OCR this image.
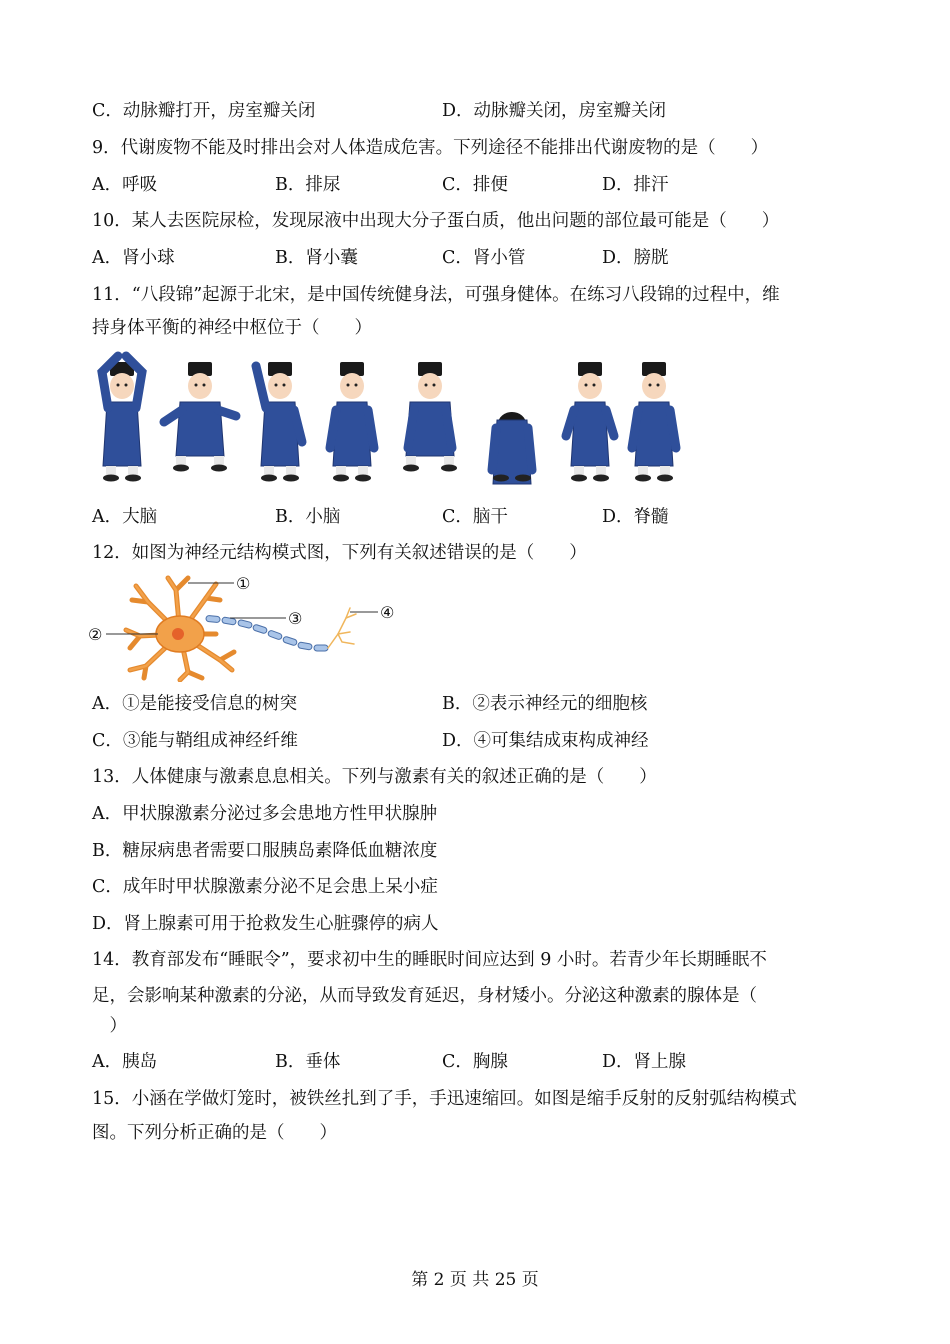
C．动脉瓣打开，房室瓣关闭	D．动脉瓣关闭，房室瓣关闭
9．代谢废物不能及时排出会对人体造成危害。下列途径不能排出代谢废物的是（　　）
A．呼吸	B．排尿	C．排便	D．排汗
10．某人去医院尿检，发现尿液中出现大分子蛋白质，他出问题的部位最可能是（　　）
A．肾小球	B．肾小囊	C．肾小管	D．膀胱
11．“八段锦”起源于北宋，是中国传统健身法，可强身健体。在练习八段锦的过程中，维
持身体平衡的神经中枢位于（　　）
A．大脑	B．小脑	C．脑干	D．脊髓
12．如图为神经元结构模式图，下列有关叙述错误的是（　　）
①
②
③	④
A．①是能接受信息的树突	B．②表示神经元的细胞核
C．③能与鞘组成神经纤维	D．④可集结成束构成神经
13．人体健康与激素息息相关。下列与激素有关的叙述正确的是（　　）
A．甲状腺激素分泌过多会患地方性甲状腺肿
B．糖尿病患者需要口服胰岛素降低血糖浓度
C．成年时甲状腺激素分泌不足会患上呆小症
D．肾上腺素可用于抢救发生心脏骤停的病人
14．教育部发布“睡眠令”，要求初中生的睡眠时间应达到 9 小时。若青少年长期睡眠不
足，会影响某种激素的分泌，从而导致发育延迟，身材矮小。分泌这种激素的腺体是（
　）
A．胰岛	B．垂体	C．胸腺	D．肾上腺
15．小涵在学做灯笼时，被铁丝扎到了手，手迅速缩回。如图是缩手反射的反射弧结构模式
图。下列分析正确的是（　　）
第 2 页 共 25 页
